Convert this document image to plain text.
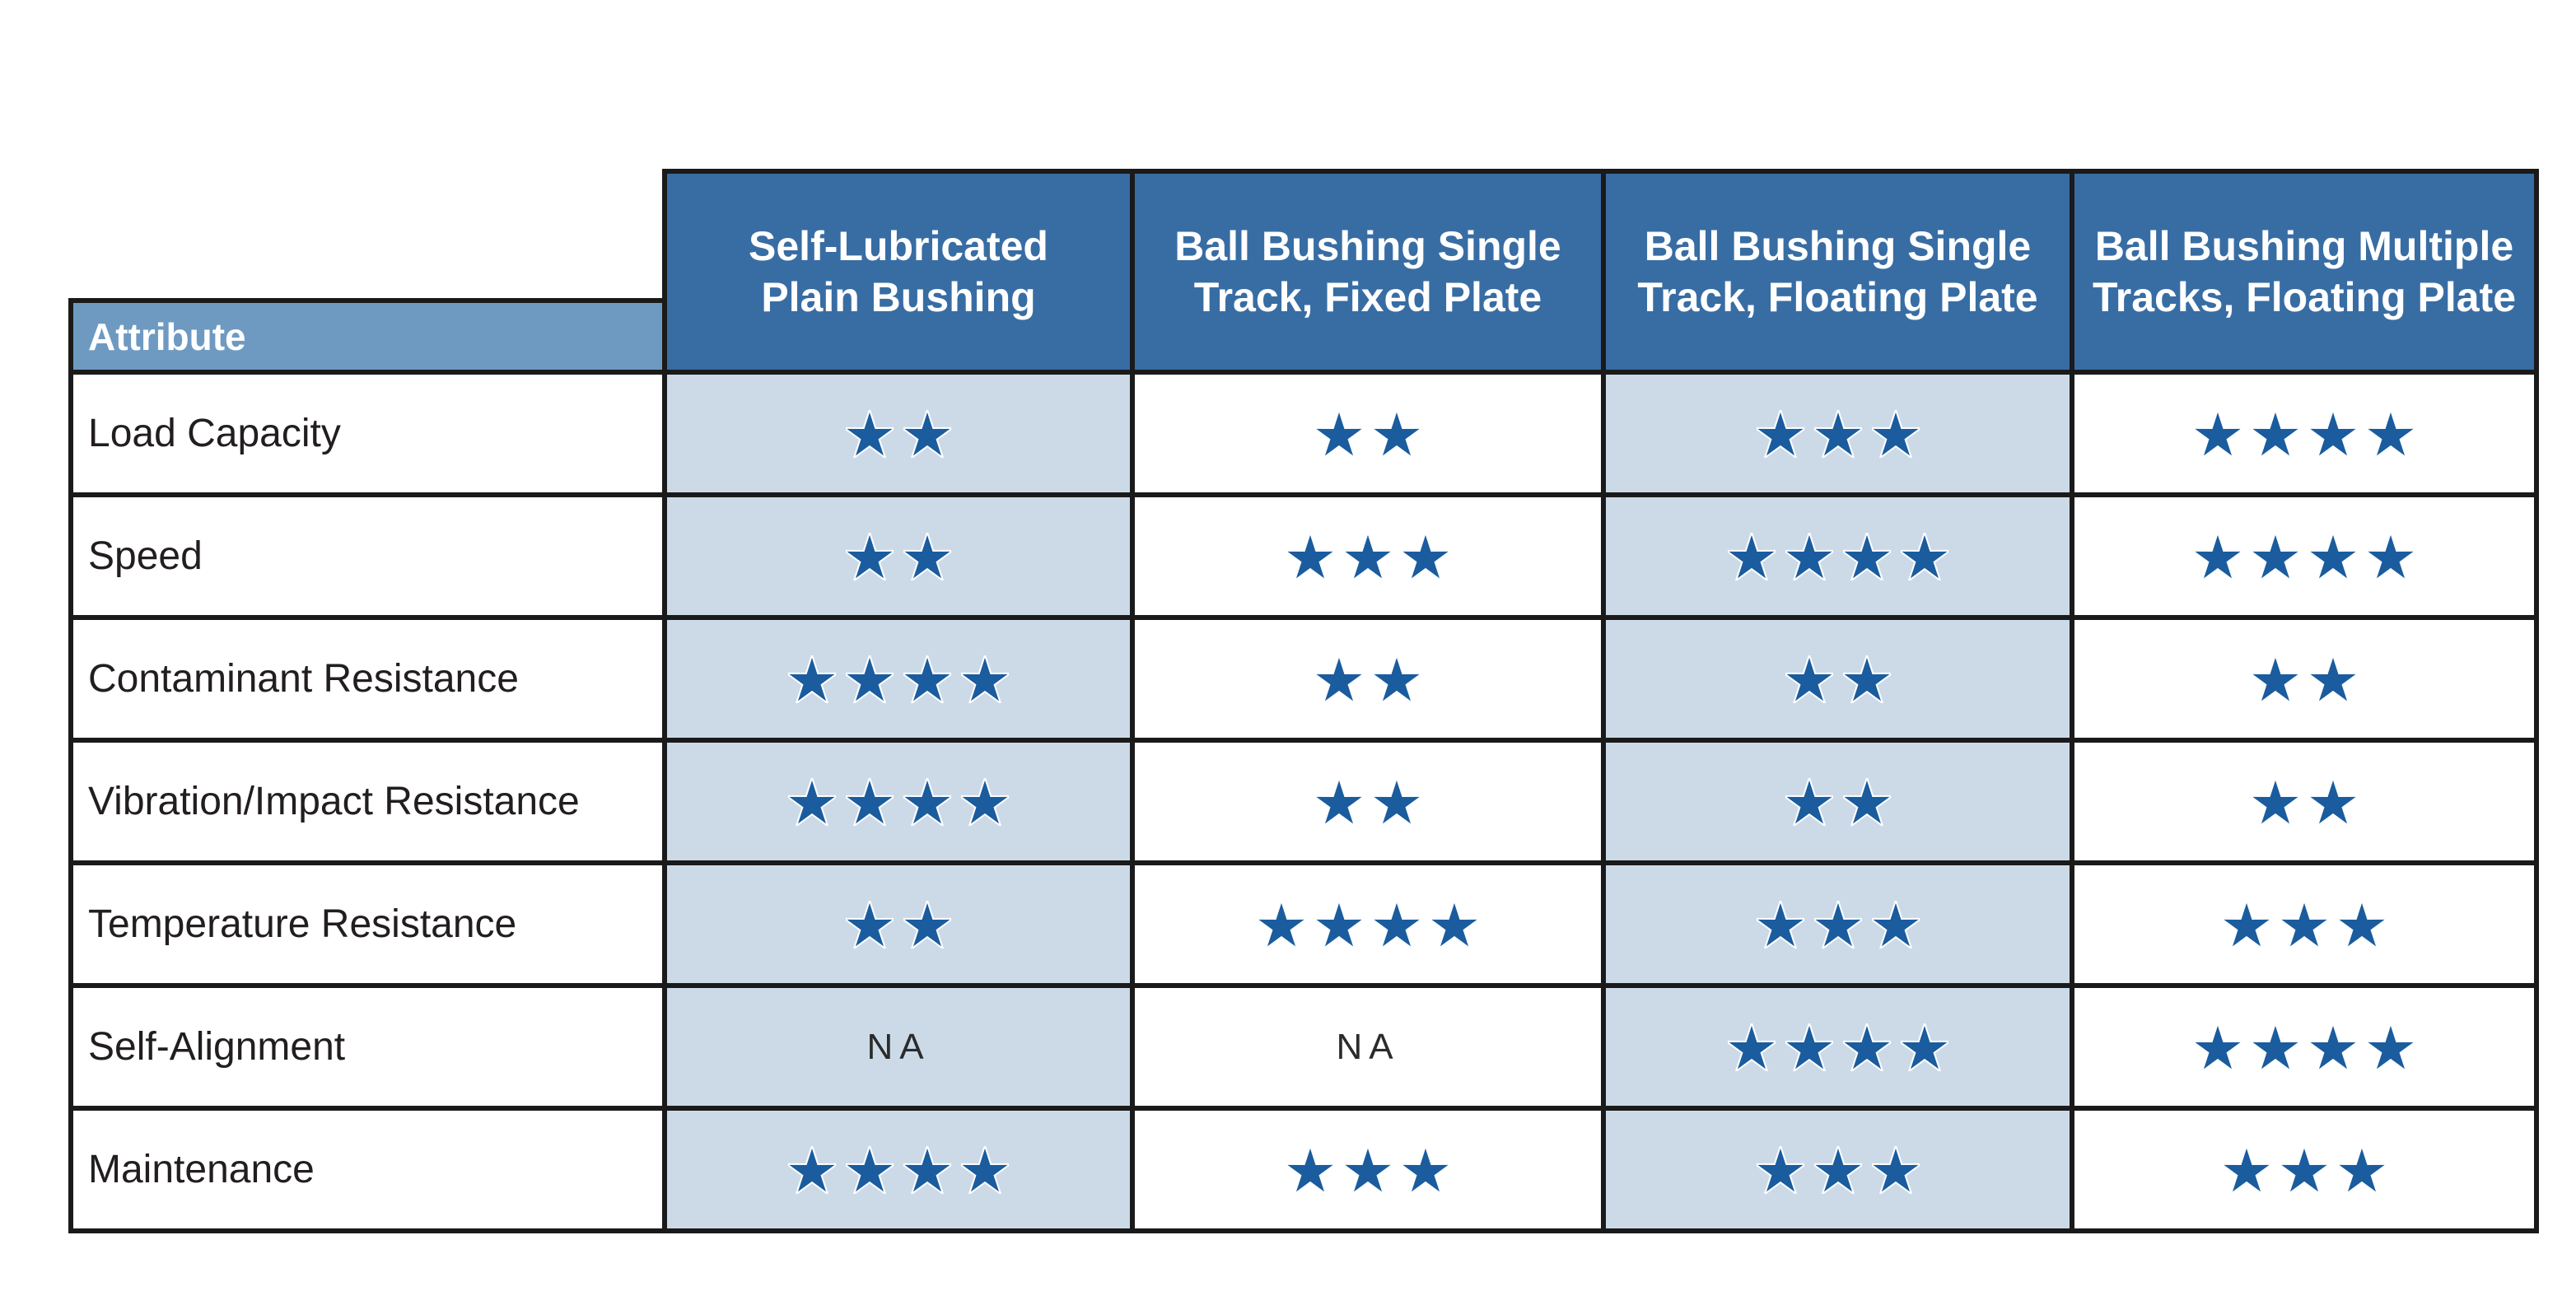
Attribute
Self-Lubricated
Plain Bushing
Ball Bushing Single
Track, Fixed Plate
Ball Bushing Single
Track, Floating Plate
Ball Bushing Multiple
Tracks, Floating Plate
Load Capacity
Speed
Contaminant Resistance
Vibration/Impact Resistance
Temperature Resistance
Self-Alignment	NA	NA
Maintenance
